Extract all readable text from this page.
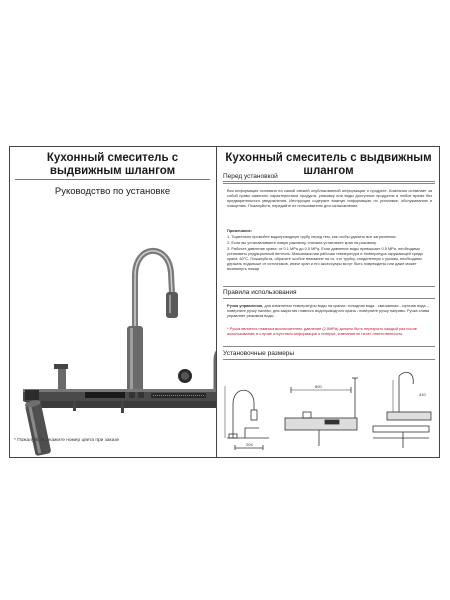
Кухонный смеситель с выдвижным шлангом
Руководство по установке
* Пожалуйста, укажите номер цвета при заказе
Кухонный смеситель с выдвижным шлангом
Перед установкой
Вся информация основана на самой свежей опубликованной информации о продукте. Компания оставляет за собой право изменять характеристики продукта, упаковку или виды доступных продуктов в любое время без предварительного уведомления. Инструкция содержит важную информацию по установке, обслуживанию и очищению. Пожалуйста, передайте их пользователю для ознакомления

Примечание:

1. Тщательно промойте водопроводную трубу перед тем, как чтобы удалить все загрязнения.

2. Если вы устанавливаете новую раковину, сначала установите кран на раковину.

3. Рабочее давление крана: от 0.1 MPa до 0.5 MPa. Если давление воды превышает 0.5 MPa, необходимо установить редукционный вентиль. Максимальная рабочая температура и температура окружающей среды крана: 60°С. Пожалуйста, обратите особое внимание на то, что трубку, соединенную с рукоям, необходимо держать подальше от источников, иначе кран и его аксессуары могут быть повреждены или даже может возникнуть пожар

Правила использования
Ручка управления, для изменения температуры воды на кранах: холодная вода - смешанная - горячая вода – поверните ручку налево; для закрытия главного водопроводного крана - поверните ручку направо. Ручка слива управляет режимом воды.
* Ручка является главным выключателем, давление (2.5MPa) должно быть перекрыто каждый раз после использования; в случае отсутствия информации о потерях, компания не несет ответственность.
Установочные размеры
204
800
410
